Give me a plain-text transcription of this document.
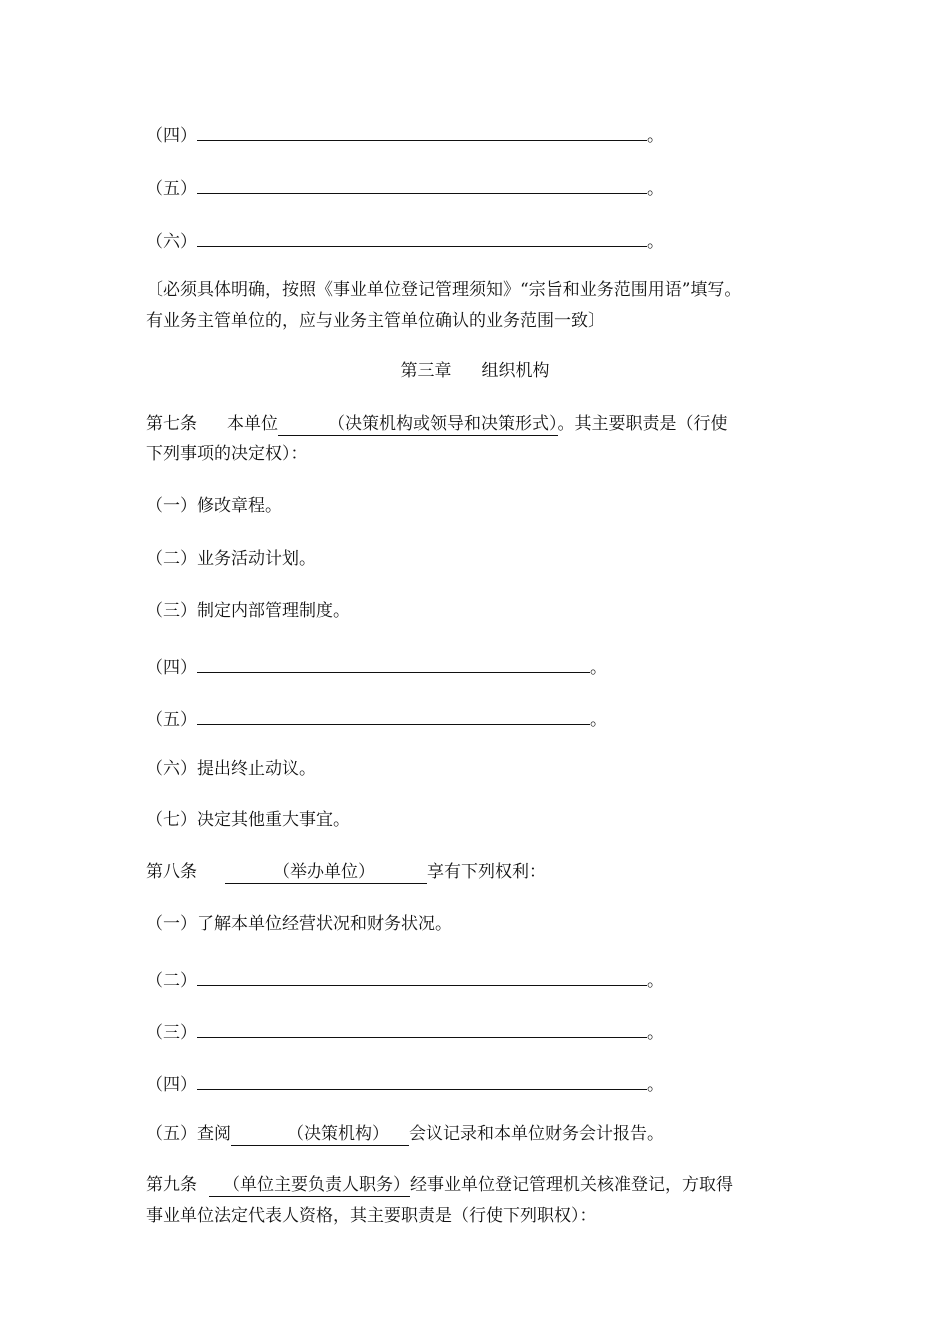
（四）	。
（五）	。
（六）	。
〔必须具体明确，按照《事业单位登记管理须知》“宗旨和业务范围用语”填写。
有业务主管单位的，应与业务主管单位确认的业务范围一致〕
第三章 组织机构
第七条 本单位	（决策机构或领导和决策形式）。其主要职责是（行使
下列事项的决定权）：
（一）修改章程。
（二）业务活动计划。
（三）制定内部管理制度。
（四）	。
（五）	。
（六）提出终止动议。
（七）决定其他重大事宜。
第八条	（举办单位）	享有下列权利：
（一）了解本单位经营状况和财务状况。
（二）	。
（三）	。
（四）	。
（五）查阅	（决策机构） 会议记录和本单位财务会计报告。
第九条 （单位主要负责人职务）经事业单位登记管理机关核准登记，方取得
事业单位法定代表人资格，其主要职责是（行使下列职权）：
